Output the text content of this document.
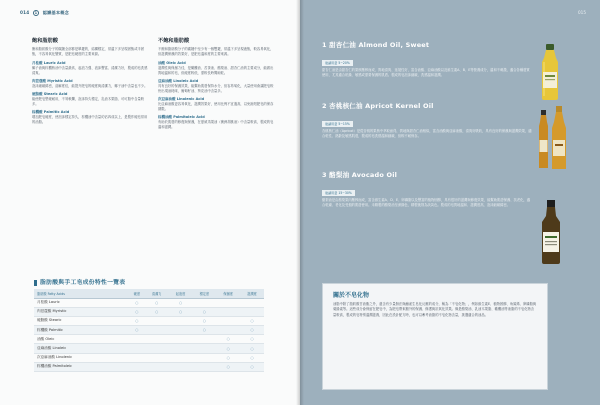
014 1 認識基本概念
飽和脂肪酸
飽和脂肪酸分子的碳鏈全部都是單鍵的，結構穩定，常溫下多呈現固態或半固態，不容易氧化變質，是肥皂硬度的主要來源。
月桂酸 Lauric Acid
椰子油與棕櫚核油中含量最高，起泡力強、泡沫豐富、清潔力好，製成的皂洗感清爽。
肉荳蔻酸 Myristic Acid
泡沫細緻綿密，溶解度佳，能提升肥皂的硬度與清潔力，椰子油中含量也不少。
硬脂酸 Stearic Acid
能使肥皂堅硬耐用，不易軟爛，泡沫持久穩定，乳油木果脂、可可脂中含量較多。
棕櫚酸 Palmitic Acid
增加肥皂硬度，使泡沫穩定持久，棕櫚油中含量約佔四成以上，是製作硬皂常用的油脂。
不飽和脂肪酸
不飽和脂肪酸分子的碳鏈中至少有一個雙鍵，常溫下多呈現液態，較容易氧化，但滋潤保濕的效果好，是肥皂溫和度的主要來源。
油酸 Oleic Acid
滋潤性與保濕力佳，是橄欖油、苦茶油、酪梨油、甜杏仁油的主要成分，能做出質地溫和的皂，但硬度較低，需較長時間晾乾。
亞麻油酸 Linoleic Acid
具有良好的保濕效果，能幫助肌膚保持水分，但容易氧化，大量使用會讓肥皂較快出現油耗味，葡萄籽油、葵花油中含量多。
次亞麻油酸 Linolenic Acid
比亞麻油酸更容易氧化，滋潤效果好，使用比例不宜過高，以免縮短肥皂的保存期限。
棕櫚油酸 Palmitoleic Acid
有助於肌膚的修復與保濕，在夏威夷果油（澳洲胡桃油）中含量較高，製成的皂溫和滋潤。
脂肪酸與手工皂成份特性一覽表
脂肪酸 Fatty Acids	硬度	清潔力	起泡度	穩定度	保濕度	滋潤度
月桂酸 Lauric	○	○	○			
肉荳蔻酸 Myristic	○	○	○	○		
硬脂酸 Stearic	○			○		○
棕櫚酸 Palmitic	○			○		○
油酸 Oleic					○	○
亞麻油酸 Linoleic					○	○
次亞麻油酸 Linolenic					○	○
棕櫚油酸 Palmitoleic					○	○
015
1 甜杏仁油 Almond Oil, Sweet
建議用量 5~20%
甜杏仁油是由甜杏仁的果核壓榨而成，質地清爽、延展性好，富含油酸、亞麻油酸以及維生素A、B、E等營養成分，溫和不刺激，適合各種膚質使用，尤其適合乾燥、敏感或需要保濕的肌膚。製成的皂泡沫細緻，洗感溫和滋潤。
2 杏桃核仁油 Apricot Kernel Oil
建議用量 5~15%
杏桃核仁油（Apricot）是從杏桃的果核中萃取而得，質地與甜杏仁油相似，富含油酸與亞麻油酸，清爽好吸收，具有良好的保濕與滋潤效果，適合乾性、熟齡及敏感肌膚，製成的皂洗感溫和細緻，但較不耐保存。
3 酪梨油 Avocado Oil
建議用量 15~30%
酪梨油是由酪梨果肉壓榨而成，富含維生素A、D、E、卵磷脂以及豐富的植物固醇，具有很好的滋潤與修復效果，能幫助肌膚保濕、抗老化，適合乾燥、老化及受損的肌膚使用。未精製的酪梨油呈深綠色，精製後則為淡黃色。製成的皂質地溫和、滋潤度高，泡沫細緻綿密。
關於不皂化物
油脂中除了脂肪酸甘油酯之外，還含有少量無法與鹼產生皂化反應的成分，稱為「不皂化物」，例如維生素E、植物固醇、角鯊烯、卵磷脂與葉綠素等。這些成分會保留在肥皂中，為肥皂帶來額外的保濕、修護與抗氧化效果。像是酪梨油、乳油木果脂、橄欖油等油脂的不皂化物含量較高，製成的皂特別溫潤滋養，因此在設計配方時，也可以參考油脂的不皂化物含量，挑選適合的油品。
